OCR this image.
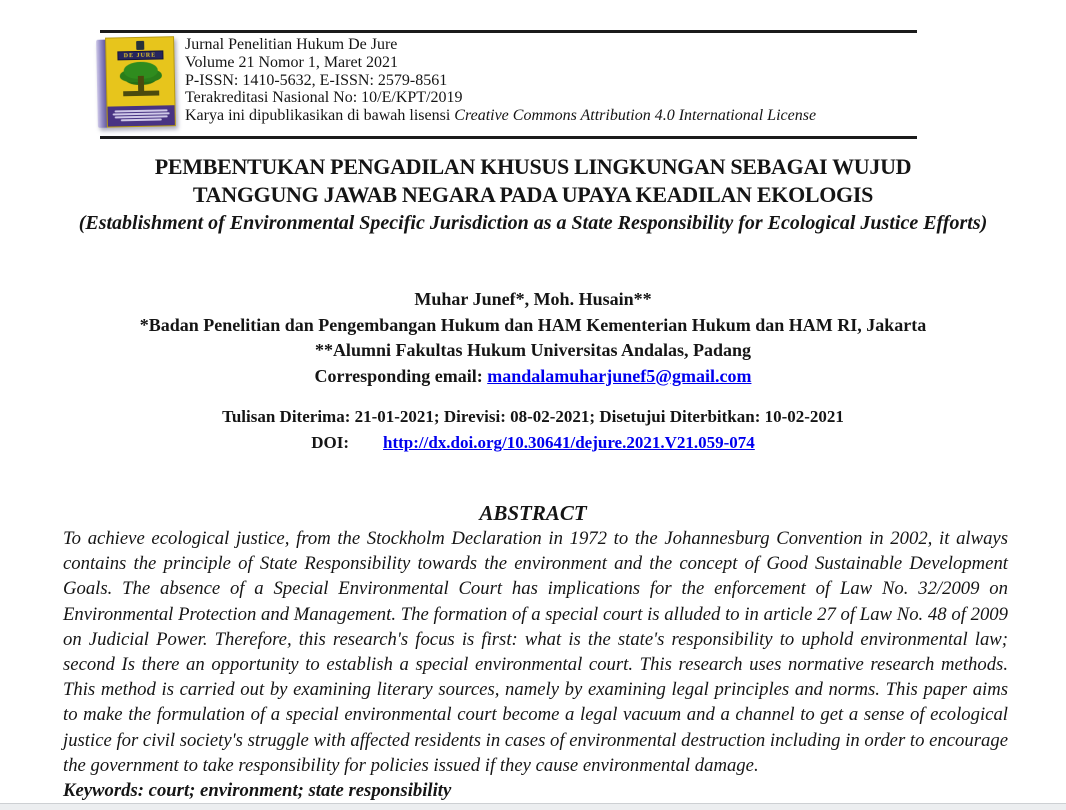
DE JURE
Jurnal Penelitian Hukum De Jure
Volume 21 Nomor 1, Maret 2021
P-ISSN: 1410-5632, E-ISSN: 2579-8561
Terakreditasi Nasional No: 10/E/KPT/2019
Karya ini dipublikasikan di bawah lisensi Creative Commons Attribution 4.0 International License
PEMBENTUKAN PENGADILAN KHUSUS LINGKUNGAN SEBAGAI WUJUD
TANGGUNG JAWAB NEGARA PADA UPAYA KEADILAN EKOLOGIS
(Establishment of Environmental Specific Jurisdiction as a State Responsibility for Ecological Justice Efforts)
Muhar Junef*, Moh. Husain**
*Badan Penelitian dan Pengembangan Hukum dan HAM Kementerian Hukum dan HAM RI, Jakarta
**Alumni Fakultas Hukum Universitas Andalas, Padang
Corresponding email: mandalamuharjunef5@gmail.com
Tulisan Diterima: 21-01-2021; Direvisi: 08-02-2021; Disetujui Diterbitkan: 10-02-2021
DOI: http://dx.doi.org/10.30641/dejure.2021.V21.059-074
ABSTRACT
To achieve ecological justice, from the Stockholm Declaration in 1972 to the Johannesburg Convention in 2002, it always contains the principle of State Responsibility towards the environment and the concept of Good Sustainable Development Goals. The absence of a Special Environmental Court has implications for the enforcement of Law No. 32/2009 on Environmental Protection and Management. The formation of a special court is alluded to in article 27 of Law No. 48 of 2009 on Judicial Power. Therefore, this research's focus is first: what is the state's responsibility to uphold environmental law; second Is there an opportunity to establish a special environmental court. This research uses normative research methods. This method is carried out by examining literary sources, namely by examining legal principles and norms. This paper aims to make the formulation of a special environmental court become a legal vacuum and a channel to get a sense of ecological justice for civil society's struggle with affected residents in cases of environmental destruction including in order to encourage the government to take responsibility for policies issued if they cause environmental damage.
Keywords: court; environment; state responsibility
